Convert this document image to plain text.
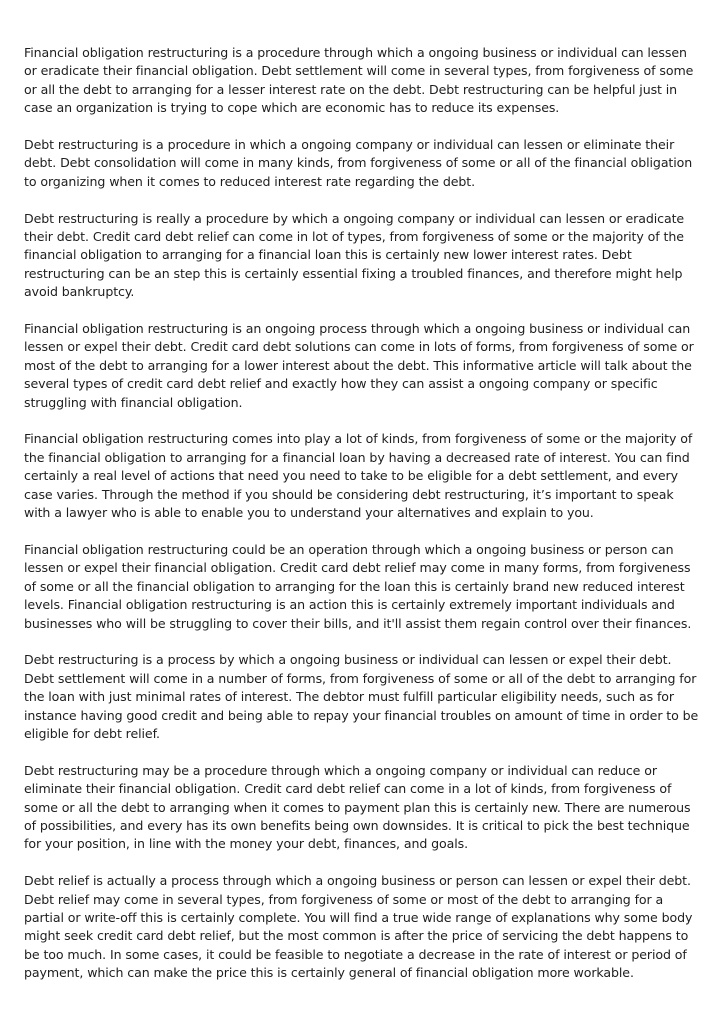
Financial obligation restructuring is a procedure through which a ongoing business or individual can lessen or eradicate their financial obligation. Debt settlement will come in several types, from forgiveness of some or all the debt to arranging for a lesser interest rate on the debt. Debt restructuring can be helpful just in case an organization is trying to cope which are economic has to reduce its expenses.

Debt restructuring is a procedure in which a ongoing company or individual can lessen or eliminate their debt. Debt consolidation will come in many kinds, from forgiveness of some or all of the financial obligation to organizing when it comes to reduced interest rate regarding the debt.

Debt restructuring is really a procedure by which a ongoing company or individual can lessen or eradicate their debt. Credit card debt relief can come in lot of types, from forgiveness of some or the majority of the financial obligation to arranging for a financial loan this is certainly new lower interest rates. Debt restructuring can be an step this is certainly essential fixing a troubled finances, and therefore might help avoid bankruptcy.

Financial obligation restructuring is an ongoing process through which a ongoing business or individual can lessen or expel their debt. Credit card debt solutions can come in lots of forms, from forgiveness of some or most of the debt to arranging for a lower interest about the debt. This informative article will talk about the several types of credit card debt relief and exactly how they can assist a ongoing company or specific struggling with financial obligation.

Financial obligation restructuring comes into play a lot of kinds, from forgiveness of some or the majority of the financial obligation to arranging for a financial loan by having a decreased rate of interest. You can find certainly a real level of actions that need you need to take to be eligible for a debt settlement, and every case varies. Through the method if you should be considering debt restructuring, it’s important to speak with a lawyer who is able to enable you to understand your alternatives and explain to you.

Financial obligation restructuring could be an operation through which a ongoing business or person can lessen or expel their financial obligation. Credit card debt relief may come in many forms, from forgiveness of some or all the financial obligation to arranging for the loan this is certainly brand new reduced interest levels. Financial obligation restructuring is an action this is certainly extremely important individuals and businesses who will be struggling to cover their bills, and it'll assist them regain control over their finances.

Debt restructuring is a process by which a ongoing business or individual can lessen or expel their debt. Debt settlement will come in a number of forms, from forgiveness of some or all of the debt to arranging for the loan with just minimal rates of interest. The debtor must fulfill particular eligibility needs, such as for instance having good credit and being able to repay your financial troubles on amount of time in order to be eligible for debt relief.

Debt restructuring may be a procedure through which a ongoing company or individual can reduce or eliminate their financial obligation. Credit card debt relief can come in a lot of kinds, from forgiveness of some or all the debt to arranging when it comes to payment plan this is certainly new. There are numerous of possibilities, and every has its own benefits being own downsides. It is critical to pick the best technique for your position, in line with the money your debt, finances, and goals.

Debt relief is actually a process through which a ongoing business or person can lessen or expel their debt. Debt relief may come in several types, from forgiveness of some or most of the debt to arranging for a partial or write-off this is certainly complete. You will find a true wide range of explanations why some body might seek credit card debt relief, but the most common is after the price of servicing the debt happens to be too much. In some cases, it could be feasible to negotiate a decrease in the rate of interest or period of payment, which can make the price this is certainly general of financial obligation more workable.
